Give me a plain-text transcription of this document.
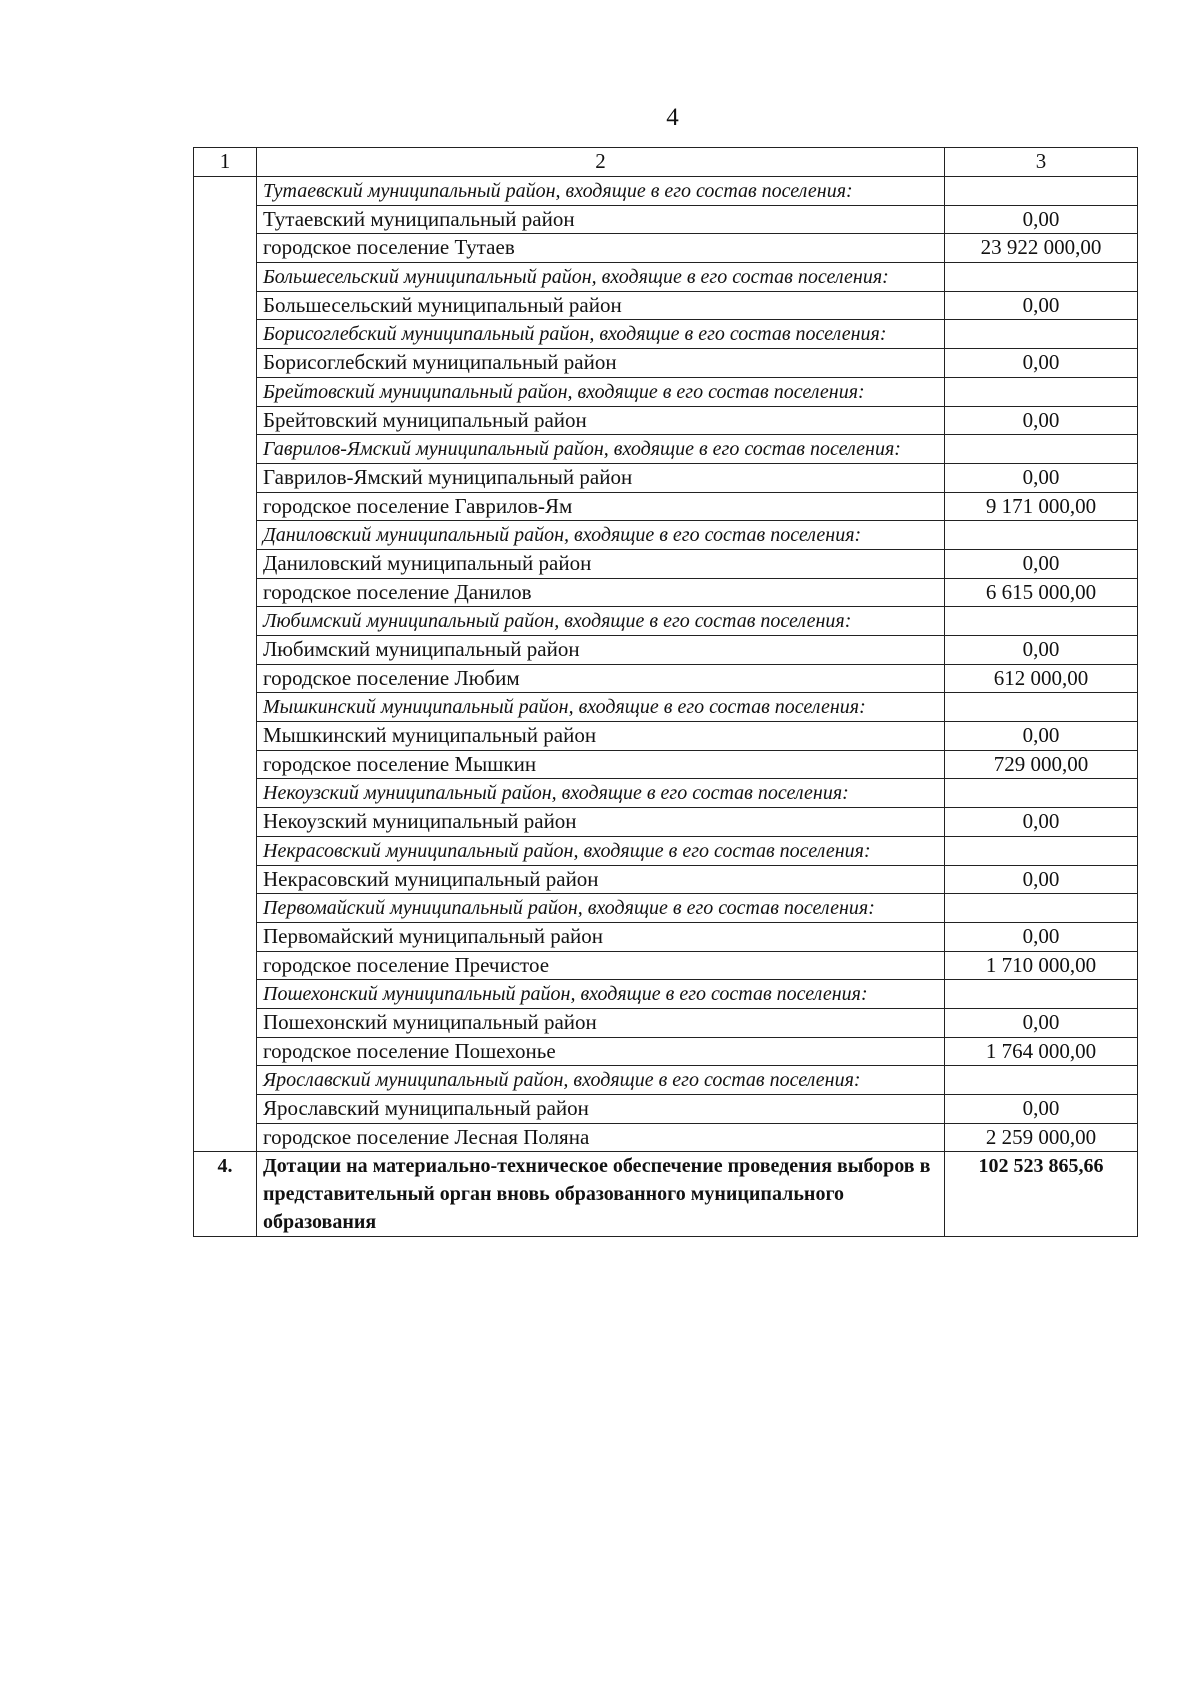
4
1	2	3
	Тутаевский муниципальный район, входящие в его состав поселения:	
	Тутаевский муниципальный район	0,00
	городское поселение Тутаев	23 922 000,00
	Большесельский муниципальный район, входящие в его состав поселения:	
	Большесельский муниципальный район	0,00
	Борисоглебский муниципальный район, входящие в его состав поселения:	
	Борисоглебский муниципальный район	0,00
	Брейтовский муниципальный район, входящие в его состав поселения:	
	Брейтовский муниципальный район	0,00
	Гаврилов-Ямский муниципальный район, входящие в его состав поселения:	
	Гаврилов-Ямский муниципальный район	0,00
	городское поселение Гаврилов-Ям	9 171 000,00
	Даниловский муниципальный район, входящие в его состав поселения:	
	Даниловский муниципальный район	0,00
	городское поселение Данилов	6 615 000,00
	Любимский муниципальный район, входящие в его состав поселения:	
	Любимский муниципальный район	0,00
	городское поселение Любим	612 000,00
	Мышкинский муниципальный район, входящие в его состав поселения:	
	Мышкинский муниципальный район	0,00
	городское поселение Мышкин	729 000,00
	Некоузский муниципальный район, входящие в его состав поселения:	
	Некоузский муниципальный район	0,00
	Некрасовский муниципальный район, входящие в его состав поселения:	
	Некрасовский муниципальный район	0,00
	Первомайский муниципальный район, входящие в его состав поселения:	
	Первомайский муниципальный район	0,00
	городское поселение Пречистое	1 710 000,00
	Пошехонский муниципальный район, входящие в его состав поселения:	
	Пошехонский муниципальный район	0,00
	городское поселение Пошехонье	1 764 000,00
	Ярославский муниципальный район, входящие в его состав поселения:	
	Ярославский муниципальный район	0,00
	городское поселение Лесная Поляна	2 259 000,00
4.	Дотации на материально-техническое обеспечение проведения выборов в представительный орган вновь образованного муниципального образования	102 523 865,66
